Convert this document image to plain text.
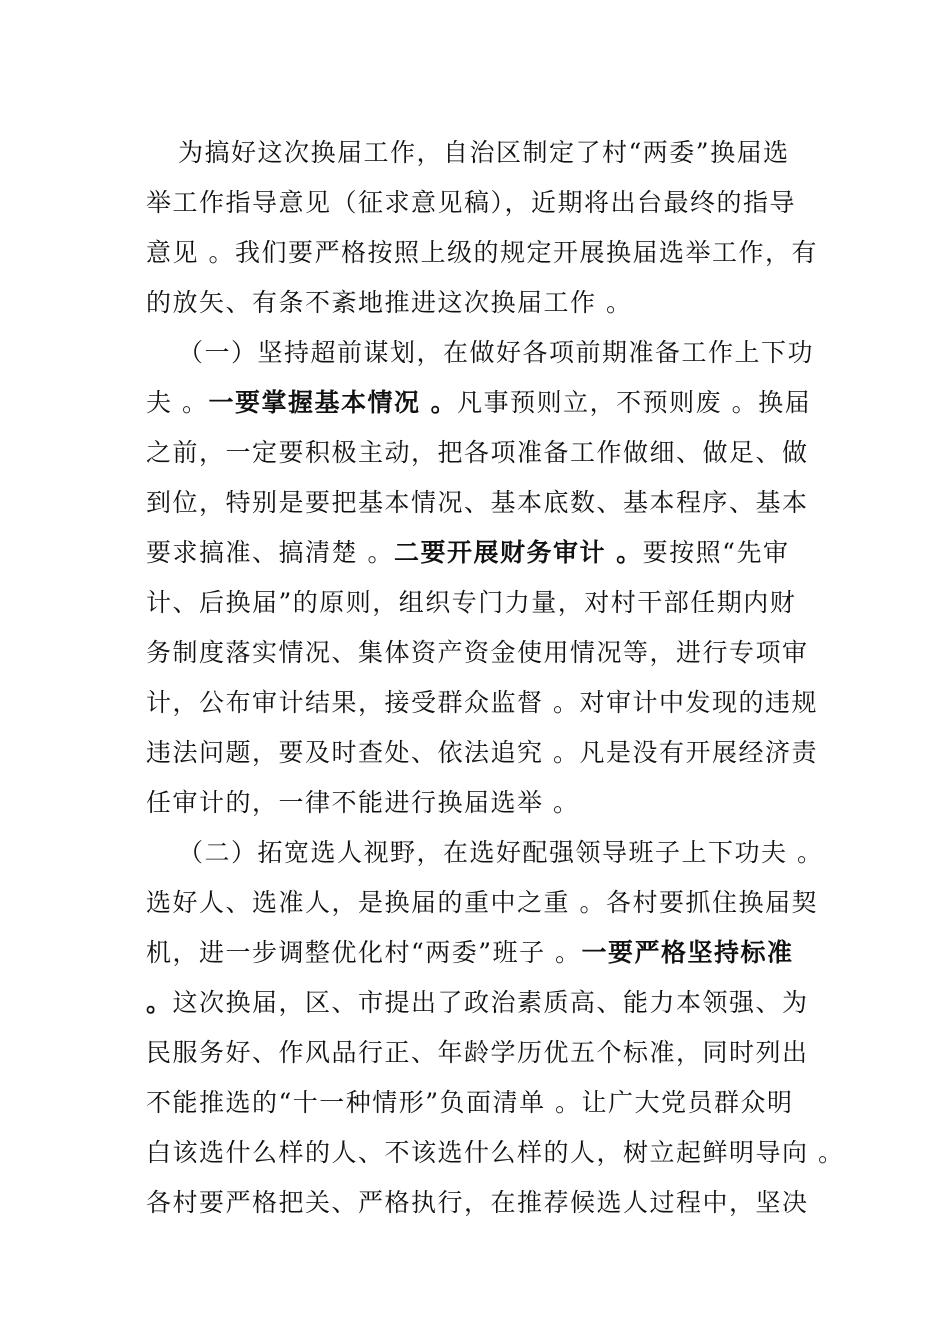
为搞好这次换届工作，自治区制定了村“两委”换届选
举工作指导意见（征求意见稿），近期将出台最终的指导
意见 。我们要严格按照上级的规定开展换届选举工作，有
的放矢、有条不紊地推进这次换届工作 。
（一）坚持超前谋划，在做好各项前期准备工作上下功
夫 。一要掌握基本情况 。凡事预则立，不预则废 。换届
之前，一定要积极主动，把各项准备工作做细、做足、做
到位，特别是要把基本情况、基本底数、基本程序、基本
要求搞准、搞清楚 。二要开展财务审计 。要按照“先审
计、后换届”的原则，组织专门力量，对村干部任期内财
务制度落实情况、集体资产资金使用情况等，进行专项审
计，公布审计结果，接受群众监督 。对审计中发现的违规
违法问题，要及时查处、依法追究 。凡是没有开展经济责
任审计的，一律不能进行换届选举 。
（二）拓宽选人视野，在选好配强领导班子上下功夫 。
选好人、选准人，是换届的重中之重 。各村要抓住换届契
机，进一步调整优化村“两委”班子 。一要严格坚持标准
。这次换届，区、市提出了政治素质高、能力本领强、为
民服务好、作风品行正、年龄学历优五个标准，同时列出
不能推选的“十一种情形”负面清单 。让广大党员群众明
白该选什么样的人、不该选什么样的人，树立起鲜明导向 。
各村要严格把关、严格执行，在推荐候选人过程中，坚决
